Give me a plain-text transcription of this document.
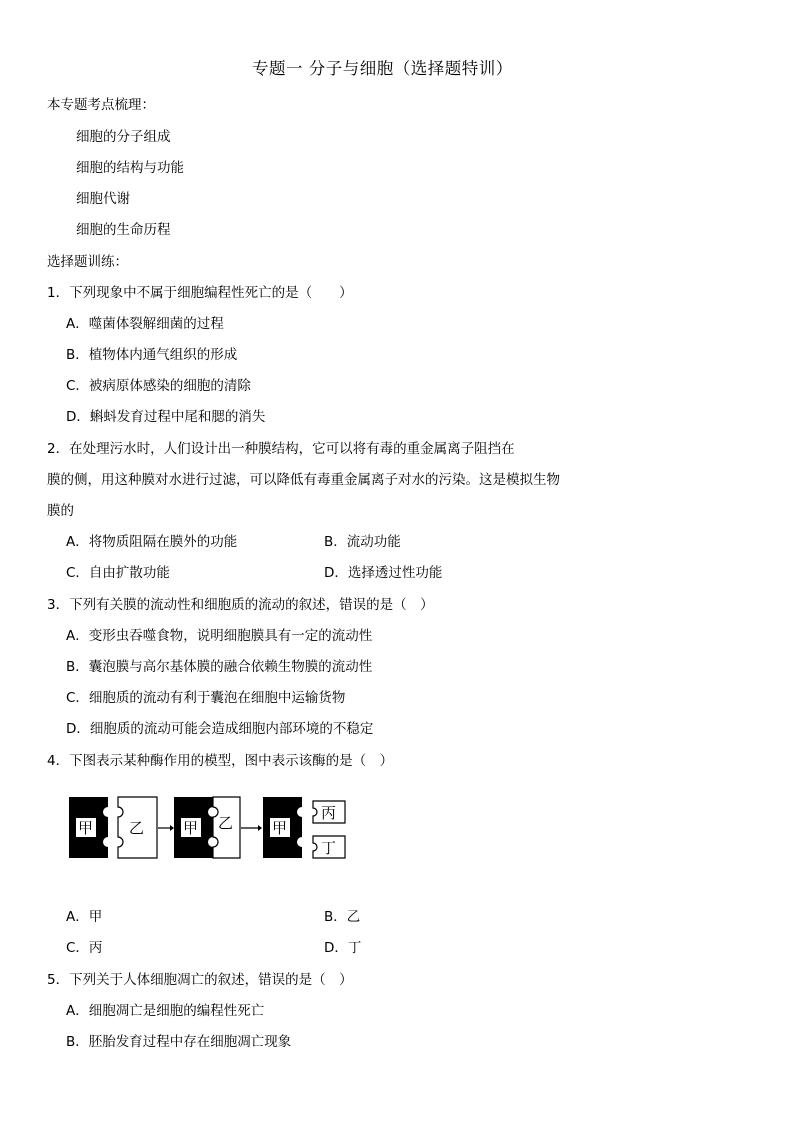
专题一 分子与细胞（选择题特训）
本专题考点梳理：
细胞的分子组成
细胞的结构与功能
细胞代谢
细胞的生命历程
选择题训练：
1．下列现象中不属于细胞编程性死亡的是（　　）
A．噬菌体裂解细菌的过程
B．植物体内通气组织的形成
C．被病原体感染的细胞的清除
D．蝌蚪发育过程中尾和腮的消失
2．在处理污水时，人们设计出一种膜结构，它可以将有毒的重金属离子阻挡在
膜的侧，用这种膜对水进行过滤，可以降低有毒重金属离子对水的污染。这是模拟生物
膜的
A．将物质阻隔在膜外的功能	B．流动功能
C．自由扩散功能	D．选择透过性功能
3．下列有关膜的流动性和细胞质的流动的叙述，错误的是（　）
A．变形虫吞噬食物，说明细胞膜具有一定的流动性
B．囊泡膜与高尔基体膜的融合依赖生物膜的流动性
C．细胞质的流动有利于囊泡在细胞中运输货物
D．细胞质的流动可能会造成细胞内部环境的不稳定
4．下图表示某种酶作用的模型，图中表示该酶的是（　）
甲 乙	甲 乙	甲
丙
丁
A．甲	B．乙
C．丙	D．丁
5．下列关于人体细胞凋亡的叙述，错误的是（　）
A．细胞凋亡是细胞的编程性死亡
B．胚胎发育过程中存在细胞凋亡现象
